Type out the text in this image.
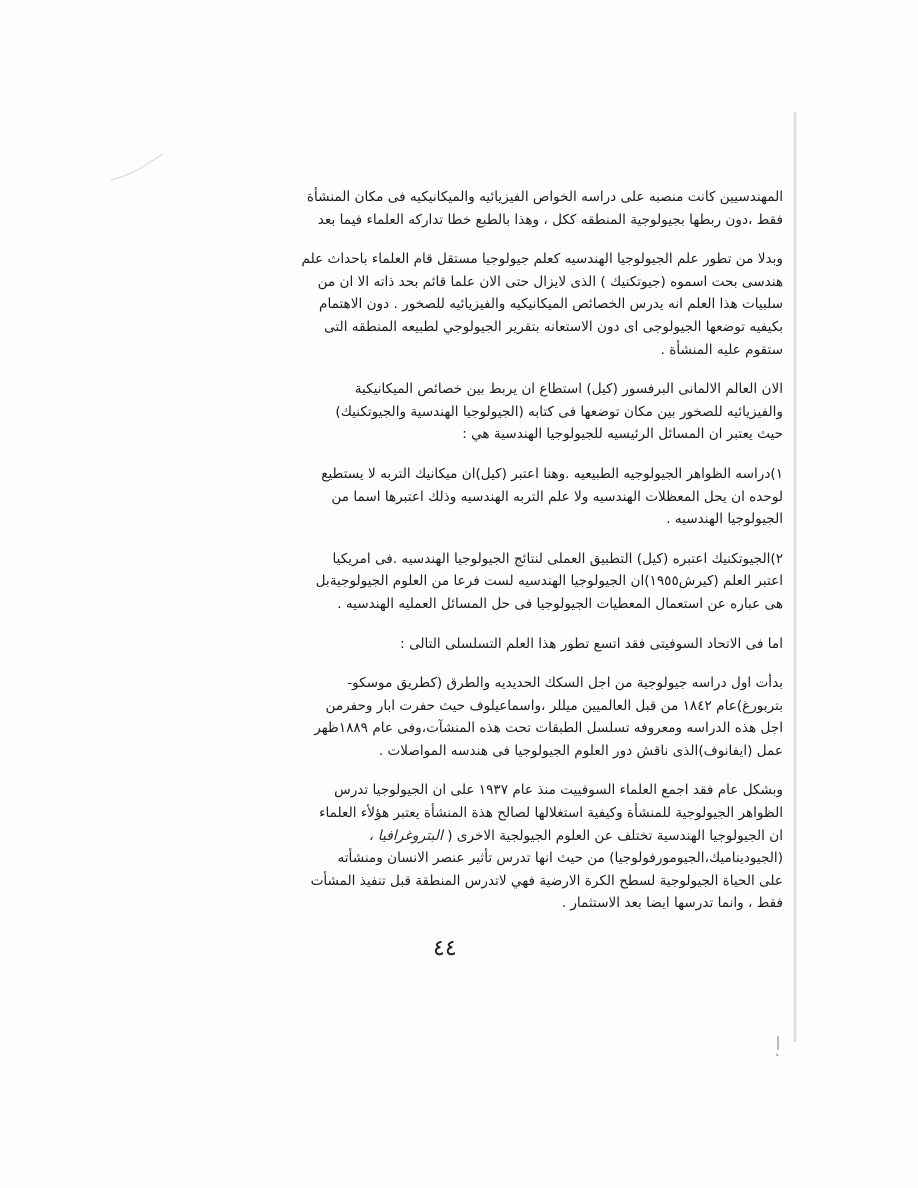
المهندسيين كانت منصبه على دراسه الخواص الفيزيائيه والميكانيكيه فى مكان المنشأة
فقط ،دون ربطها بجيولوجية المنطقه ككل ، وهذا بالطبع خطا تداركه العلماء فيما بعد

وبدلا من تطور علم الجيولوجيا الهندسيه كعلم جيولوجيا مستقل قام العلماء باحداث علم
هندسى بحت اسموه (جيوتكنيك ) الذى لايزال حتى الان علما قائم بحد ذاته الا ان من
سلبيات هذا العلم انه يدرس الخصائص الميكانيكيه والفيزيائيه للصخور . دون الاهتمام
بكيفيه توضعها الجيولوجى اى دون الاستعانه بتقرير الجيولوجي لطبيعه المنطقه التى
ستقوم عليه المنشأة .

الان العالم الالمانى البرفسور (كيل) استطاع ان يربط بين خصائص الميكانيكية
والفيزيائيه للصخور بين مكان توضعها فى كتابه (الجيولوجيا الهندسية والجيوتكنيك)
حيث يعتبر ان المسائل الرئيسيه للجيولوجيا الهندسية هي :

١)دراسه الظواهر الجيولوجيه الطبيعيه .وهنا اعتبر (كيل)ان ميكانيك التربه لا يستطيع
لوحده ان يحل المعظلات الهندسيه ولا علم التربه الهندسيه وذلك اعتبرها اسما من
الجيولوجيا الهندسيه .

٢)الجيوتكنيك اعتبره (كيل) التطبيق العملى لنتائج الجيولوجيا الهندسيه .فى امريكيا
اعتبر العلم (كيرش١٩٥٥)ان الجيولوجيا الهندسيه لست فرعا من العلوم الجيولوجيةبل
هى عباره عن استعمال المعطيات الجيولوجيا فى حل المسائل العمليه الهندسيه .

اما فى الاتحاد السوفيتى فقد اتسع تطور هذا العلم التسلسلى التالى :

بدأت اول دراسه جيولوجية من اجل السكك الحديديه والطرق (كطريق موسكو-
بتربورغ)عام ١٨٤٢ من قبل العالميين ميللر ،واسماعيلوف حيث حفرت ابار وحفرمن
اجل هذه الدراسه ومعروفه تسلسل الطبقات تحت هذه المنشآت،وفى عام ١٨٨٩ظهر
عمل (ايفانوف)الذى ناقش دور العلوم الجيولوجيا فى هندسه المواصلات .

وبشكل عام فقد اجمع العلماء السوفييت منذ عام ١٩٣٧ على ان الجيولوجيا تدرس
الظواهر الجيولوجية للمنشأة وكيفية استغلالها لصالح هذة المنشأة يعتبر هؤلأء العلماء
ان الجيولوجيا الهندسية تختلف عن العلوم الجيولجية الاخرى ( البتروغرافيا ،
(الجيوديناميك،الجيومورفولوجيا) من حيث انها تدرس تأثير عنصر الانسان ومنشأته
على الحياة الجيولوجية لسطح الكرة الارضية فهي لاتدرس المنطقة قبل تنفيذ المشأت
فقط ، وانما تدرسها ايضا بعد الاستثمار .

٤٤
